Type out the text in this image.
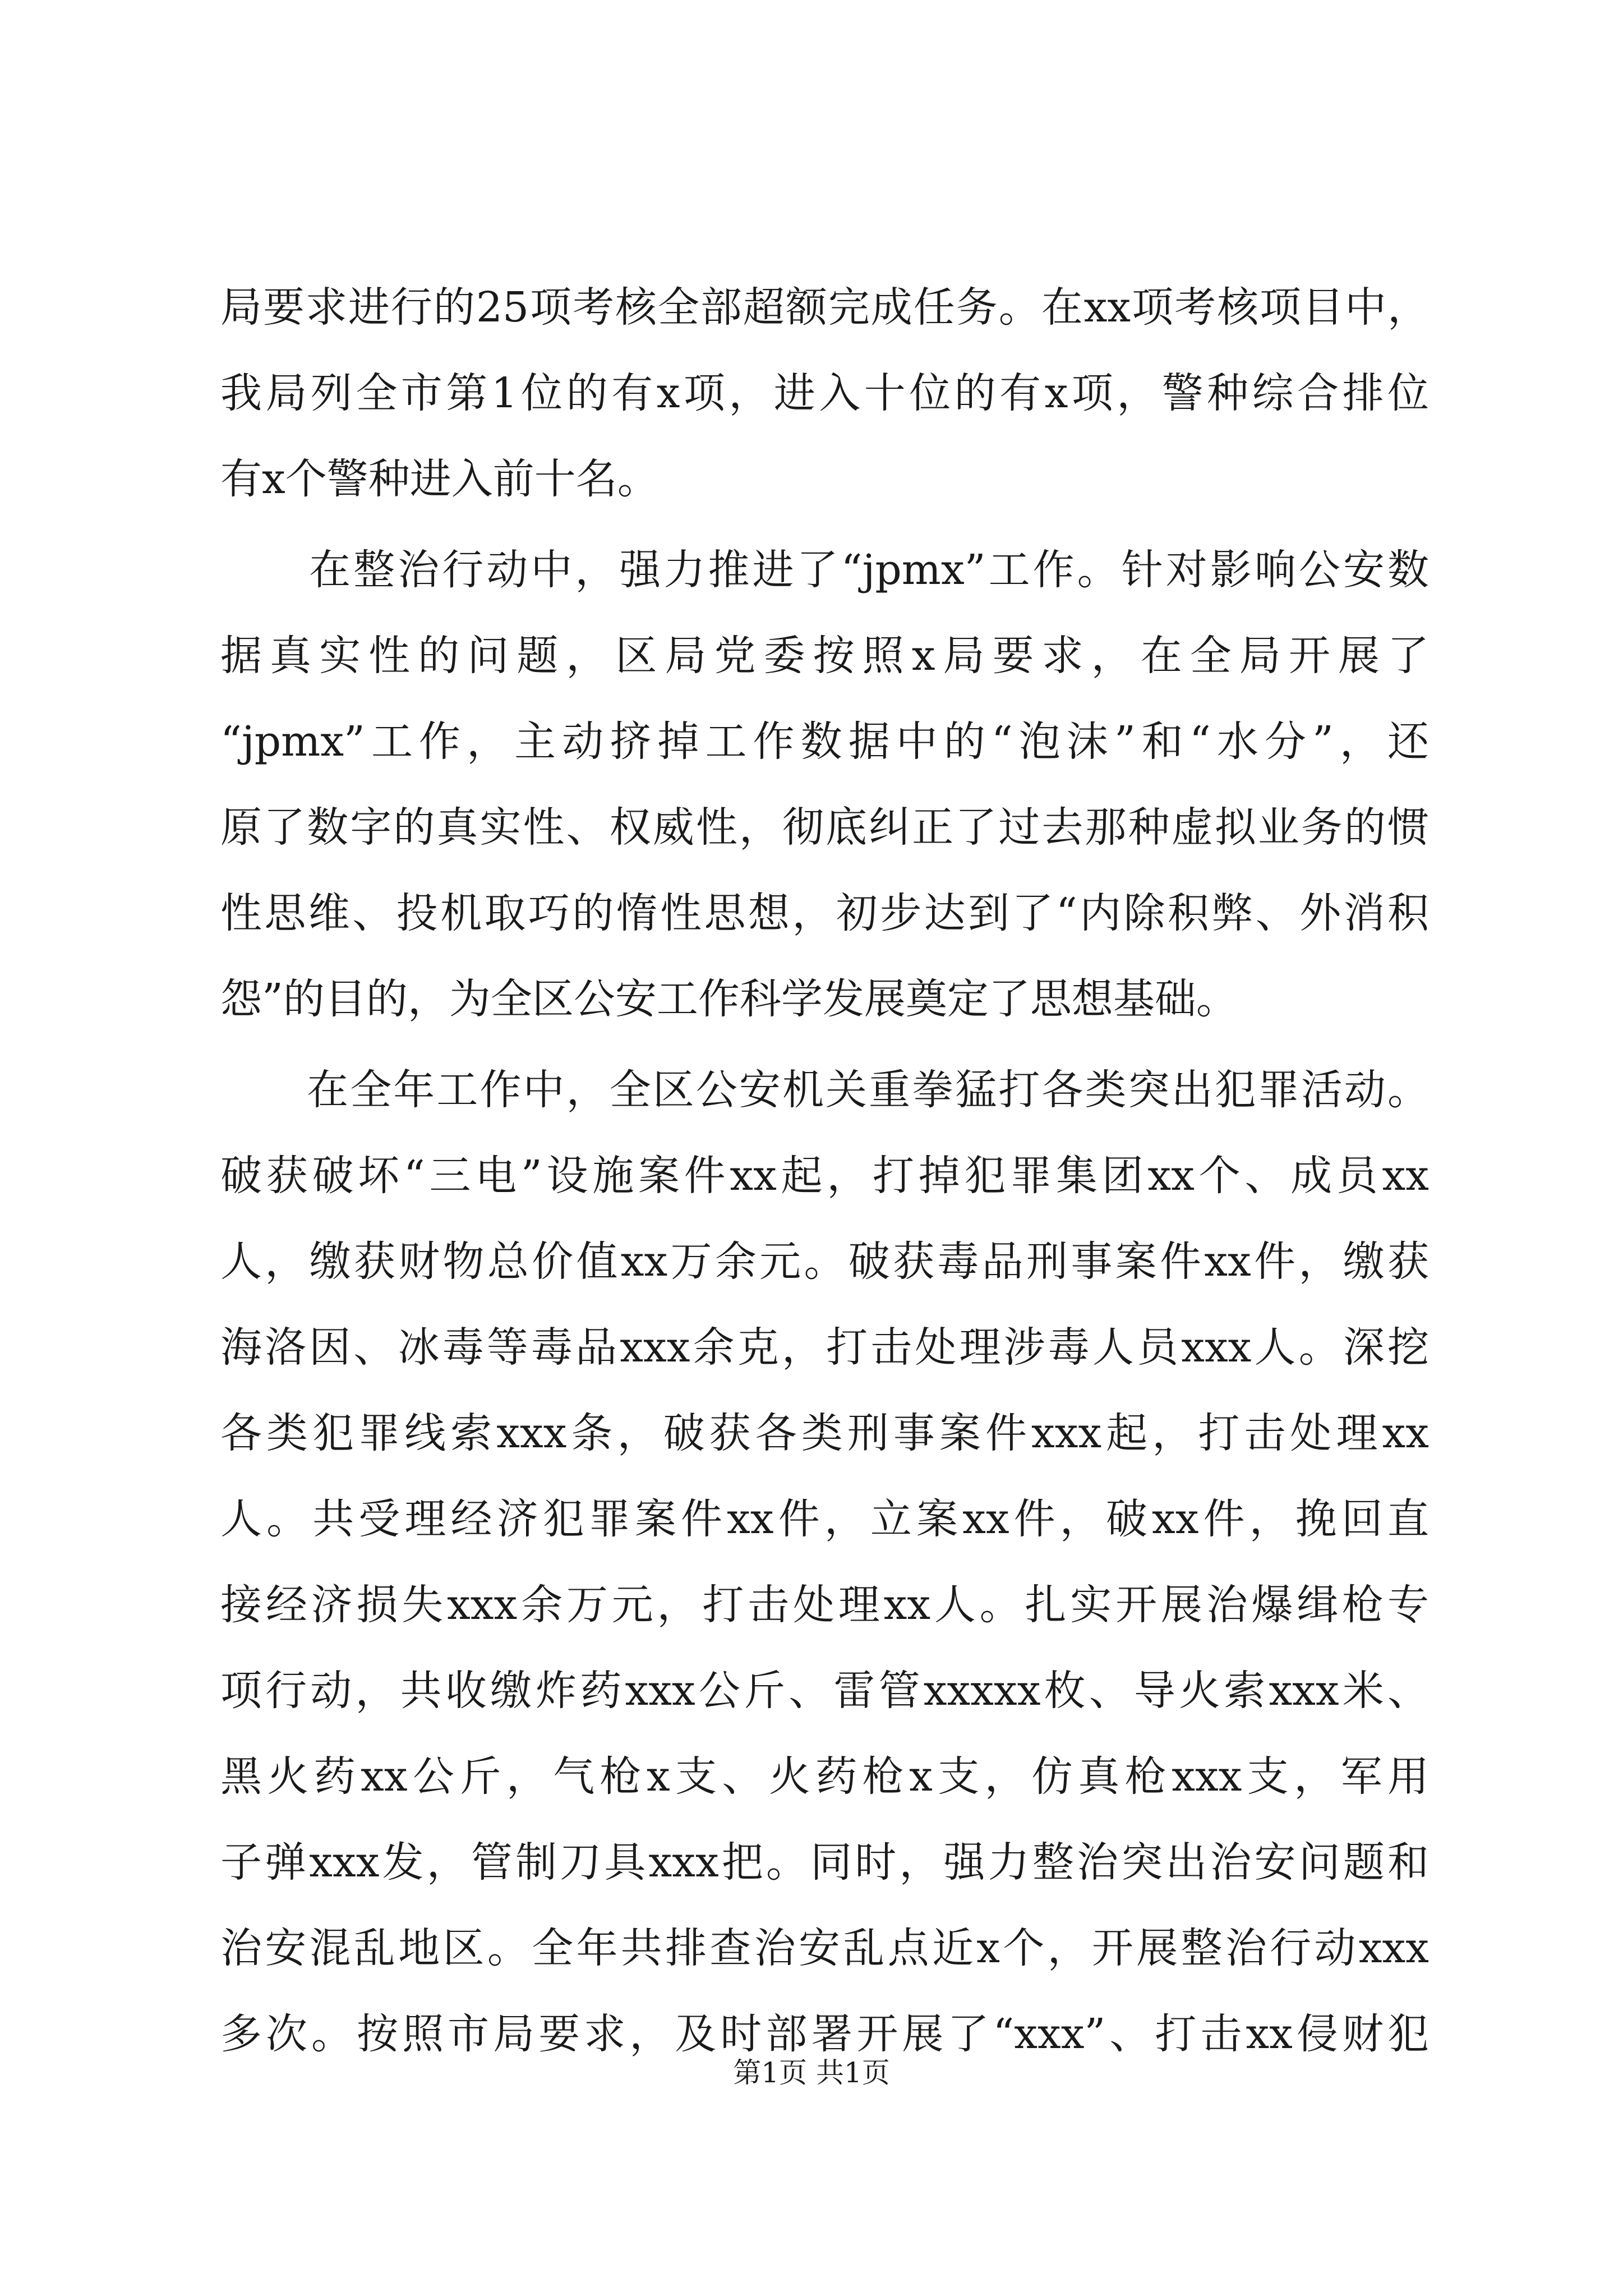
局要求进行的25项考核全部超额完成任务。在xx项考核项目中，
我局列全市第1位的有x项，进入十位的有x项，警种综合排位
有x个警种进入前十名。
　　在整治行动中，强力推进了“jpmx”工作。针对影响公安数
据真实性的问题，区局党委按照x局要求，在全局开展了
“jpmx”工作，主动挤掉工作数据中的“泡沫”和“水分”，还
原了数字的真实性、权威性，彻底纠正了过去那种虚拟业务的惯
性思维、投机取巧的惰性思想，初步达到了“内除积弊、外消积
怨”的目的，为全区公安工作科学发展奠定了思想基础。
　　在全年工作中，全区公安机关重拳猛打各类突出犯罪活动。
破获破坏“三电”设施案件xx起，打掉犯罪集团xx个、成员xx
人，缴获财物总价值xx万余元。破获毒品刑事案件xx件，缴获
海洛因、冰毒等毒品xxx余克，打击处理涉毒人员xxx人。深挖
各类犯罪线索xxx条，破获各类刑事案件xxx起，打击处理xx
人。共受理经济犯罪案件xx件，立案xx件，破xx件，挽回直
接经济损失xxx余万元，打击处理xx人。扎实开展治爆缉枪专
项行动，共收缴炸药xxx公斤、雷管xxxxx枚、导火索xxx米、
黑火药xx公斤，气枪x支、火药枪x支，仿真枪xxx支，军用
子弹xxx发，管制刀具xxx把。同时，强力整治突出治安问题和
治安混乱地区。全年共排查治安乱点近x个，开展整治行动xxx
多次。按照市局要求，及时部署开展了“xxx”、打击xx侵财犯
第1页 共1页
